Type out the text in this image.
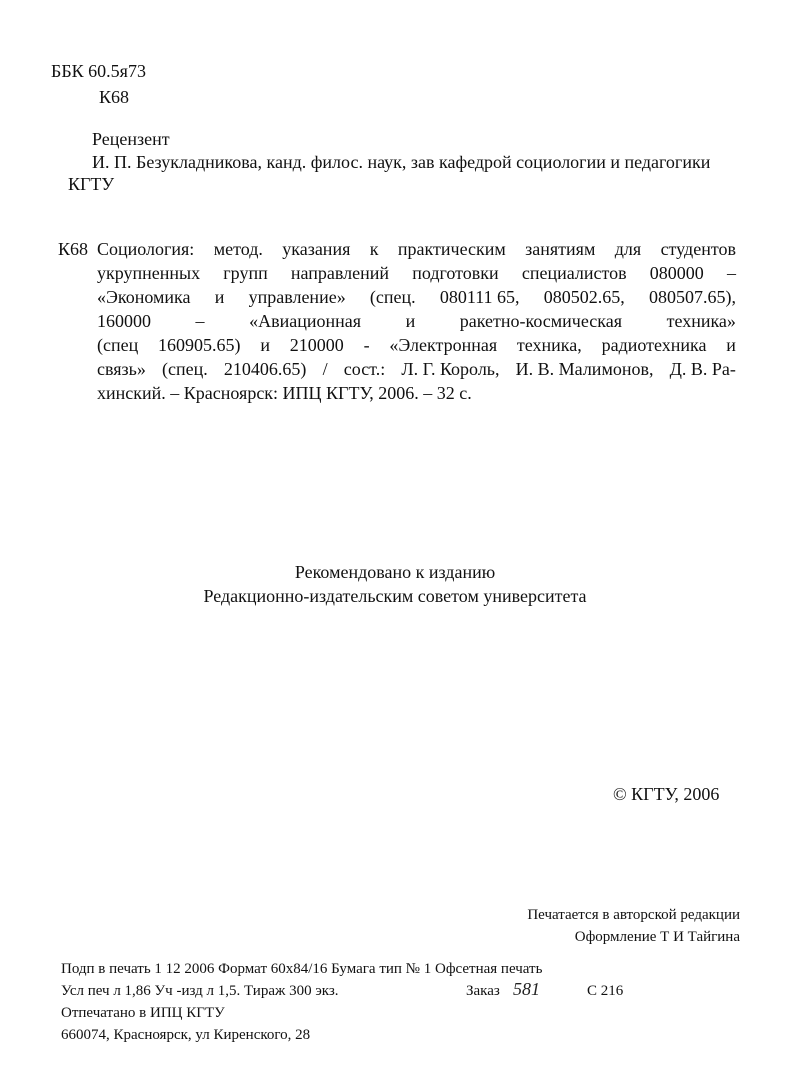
ББК 60.5я73
К68
Рецензент
И. П. Безукладникова, канд. филос. наук, зав кафедрой социологии и педагогики КГТУ
К68 Социология: метод. указания к практическим занятиям для студентов
укрупненных групп направлений подготовки специалистов 080000 –
«Экономика и управление» (спец. 080111 65, 080502.65, 080507.65),
160000 – «Авиационная и ракетно-космическая техника»
(спец 160905.65) и 210000 - «Электронная техника, радиотехника и
связь» (спец. 210406.65) / сост.: Л. Г. Король, И. В. Малимонов, Д. В. Ра-
хинский. – Красноярск: ИПЦ КГТУ, 2006. – 32 с.
Рекомендовано к изданию
Редакционно-издательским советом университета
© КГТУ, 2006
Печатается в авторской редакции
Оформление Т И Тайгина
Подп в печать 1 12 2006 Формат 60х84/16 Бумага тип № 1 Офсетная печать
Усл печ л 1,86 Уч -изд л 1,5. Тираж 300 экз.	Заказ 581	С 216
Отпечатано в ИПЦ КГТУ
660074, Красноярск, ул Киренского, 28
